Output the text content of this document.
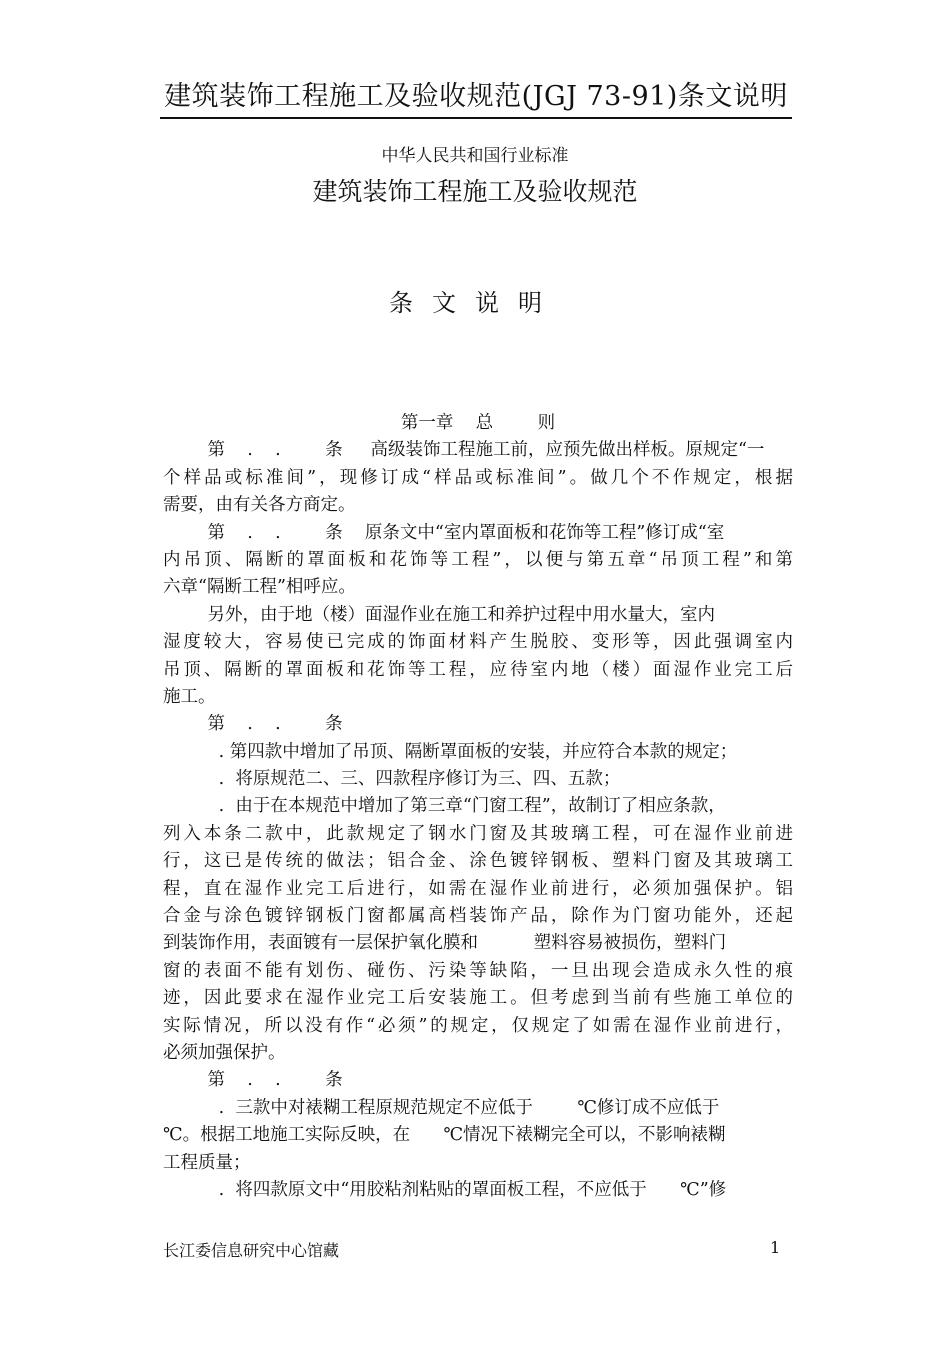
建筑装饰工程施工及验收规范(JGJ 73-91)条文说明
中华人民共和国行业标准
建筑装饰工程施工及验收规范
条文说明
第一章    总        则
第    .    .        条     高级装饰工程施工前，应预先做出样板。原规定“一
个样品或标准间”，现修订成“样品或标准间”。做几个不作规定，根据
需要，由有关各方商定。
第    .    .        条    原条文中“室内罩面板和花饰等工程”修订成“室
内吊顶、隔断的罩面板和花饰等工程”，以便与第五章“吊顶工程”和第
六章“隔断工程”相呼应。
另外，由于地（楼）面湿作业在施工和养护过程中用水量大，室内
湿度较大，容易使已完成的饰面材料产生脱胶、变形等，因此强调室内
吊顶、隔断的罩面板和花饰等工程，应待室内地（楼）面湿作业完工后
施工。
第    .    .        条
. 第四款中增加了吊顶、隔断罩面板的安装，并应符合本款的规定；
.  将原规范二、三、四款程序修订为三、四、五款；
.  由于在本规范中增加了第三章“门窗工程”，故制订了相应条款，
列入本条二款中，此款规定了钢水门窗及其玻璃工程，可在湿作业前进
行，这已是传统的做法；铝合金、涂色镀锌钢板、塑料门窗及其玻璃工
程，直在湿作业完工后进行，如需在湿作业前进行，必须加强保护。铝
合金与涂色镀锌钢板门窗都属高档装饰产品，除作为门窗功能外，还起
到装饰作用，表面镀有一层保护氧化膜和          塑料容易被损伤，塑料门
窗的表面不能有划伤、碰伤、污染等缺陷，一旦出现会造成永久性的痕
迹，因此要求在湿作业完工后安装施工。但考虑到当前有些施工单位的
实际情况，所以没有作“必须”的规定，仅规定了如需在湿作业前进行，
必须加强保护。
第    .    .        条
.  三款中对裱糊工程原规范规定不应低于        ℃修订成不应低于
℃。根据工地施工实际反映，在      ℃情况下裱糊完全可以，不影响裱糊
工程质量；
.  将四款原文中“用胶粘剂粘贴的罩面板工程，不应低于      ℃”修
长江委信息研究中心馆藏	1
